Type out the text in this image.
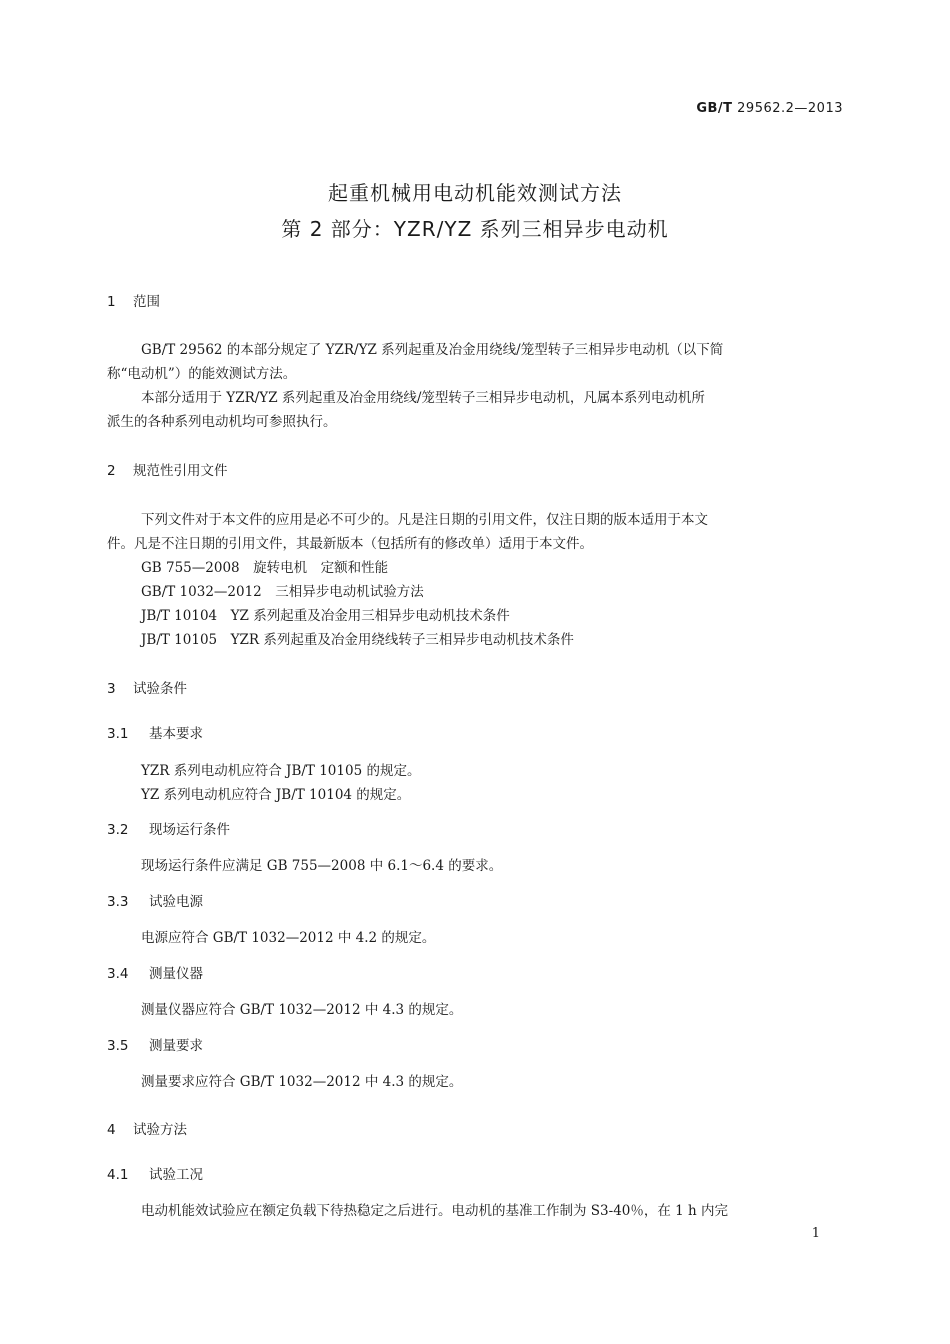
GB/T 29562.2—2013
起重机械用电动机能效测试方法
第 2 部分：YZR/YZ 系列三相异步电动机
1 范围
GB/T 29562 的本部分规定了 YZR/YZ 系列起重及冶金用绕线/笼型转子三相异步电动机（以下简
称“电动机”）的能效测试方法。
本部分适用于 YZR/YZ 系列起重及冶金用绕线/笼型转子三相异步电动机，凡属本系列电动机所
派生的各种系列电动机均可参照执行。
2 规范性引用文件
下列文件对于本文件的应用是必不可少的。凡是注日期的引用文件，仅注日期的版本适用于本文
件。凡是不注日期的引用文件，其最新版本（包括所有的修改单）适用于本文件。
GB 755—2008　旋转电机　定额和性能
GB/T 1032—2012　三相异步电动机试验方法
JB/T 10104　YZ 系列起重及冶金用三相异步电动机技术条件
JB/T 10105　YZR 系列起重及冶金用绕线转子三相异步电动机技术条件
3 试验条件
3.1 基本要求
YZR 系列电动机应符合 JB/T 10105 的规定。
YZ 系列电动机应符合 JB/T 10104 的规定。
3.2 现场运行条件
现场运行条件应满足 GB 755—2008 中 6.1～6.4 的要求。
3.3 试验电源
电源应符合 GB/T 1032—2012 中 4.2 的规定。
3.4 测量仪器
测量仪器应符合 GB/T 1032—2012 中 4.3 的规定。
3.5 测量要求
测量要求应符合 GB/T 1032—2012 中 4.3 的规定。
4 试验方法
4.1 试验工况
电动机能效试验应在额定负载下待热稳定之后进行。电动机的基准工作制为 S3-40％，在 1 h 内完
1
